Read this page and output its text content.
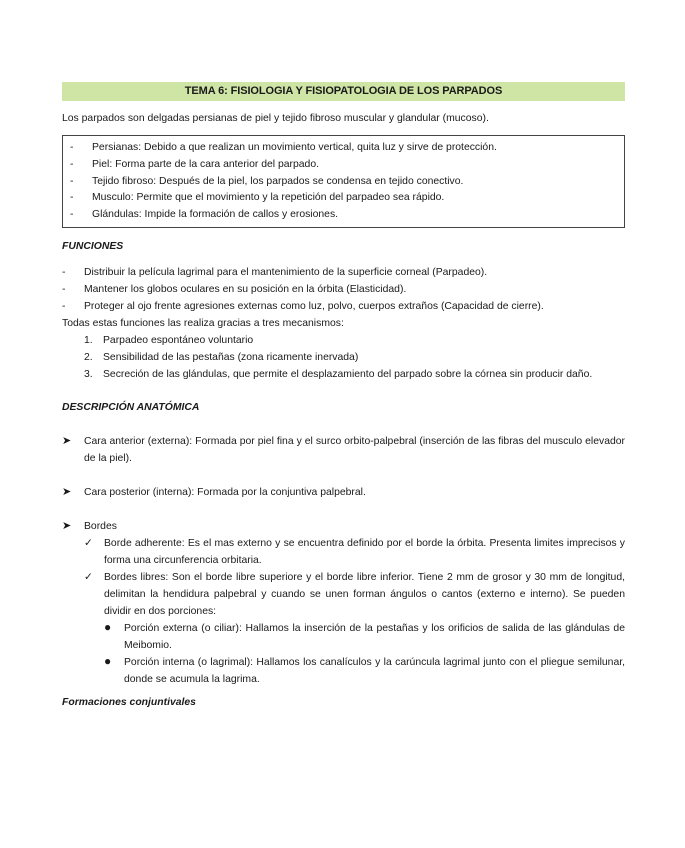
TEMA 6: FISIOLOGIA Y FISIOPATOLOGIA DE LOS PARPADOS

Los parpados son delgadas persianas de piel y tejido fibroso muscular y glandular (mucoso).

-	Persianas: Debido a que realizan un movimiento vertical, quita luz y sirve de protección.
-	Piel: Forma parte de la cara anterior del parpado.
-	Tejido fibroso: Después de la piel, los parpados se condensa en tejido conectivo.
-	Musculo: Permite que el movimiento y la repetición del parpadeo sea rápido.
-	Glándulas: Impide la formación de callos y erosiones.
FUNCIONES
-	Distribuir la película lagrimal para el mantenimiento de la superficie corneal (Parpadeo).
-	Mantener los globos oculares en su posición en la órbita (Elasticidad).
-	Proteger al ojo frente agresiones externas como luz, polvo, cuerpos extraños (Capacidad de cierre).

Todas estas funciones las realiza gracias a tres mecanismos:

1. Parpadeo espontáneo voluntario
2. Sensibilidad de las pestañas (zona ricamente inervada)
3. Secreción de las glándulas, que permite el desplazamiento del parpado sobre la córnea sin producir daño.
DESCRIPCIÓN ANATÓMICA
➤	Cara anterior (externa): Formada por piel fina y el surco orbito-palpebral (inserción de las fibras del musculo elevador de la piel).
➤	Cara posterior (interna): Formada por la conjuntiva palpebral.
➤	Bordes
✓	Borde adherente: Es el mas externo y se encuentra definido por el borde la órbita. Presenta limites imprecisos y forma una circunferencia orbitaria.
✓	Bordes libres: Son el borde libre superiore y el borde libre inferior. Tiene 2 mm de grosor y 30 mm de longitud, delimitan la hendidura palpebral y cuando se unen forman ángulos o cantos (externo e interno). Se pueden dividir en dos porciones:
●	Porción externa (o ciliar): Hallamos la inserción de la pestañas y los orificios de salida de las glándulas de Meibomio.
●	Porción interna (o lagrimal): Hallamos los canalículos y la carúncula lagrimal junto con el pliegue semilunar, donde se acumula la lagrima.
Formaciones conjuntivales
